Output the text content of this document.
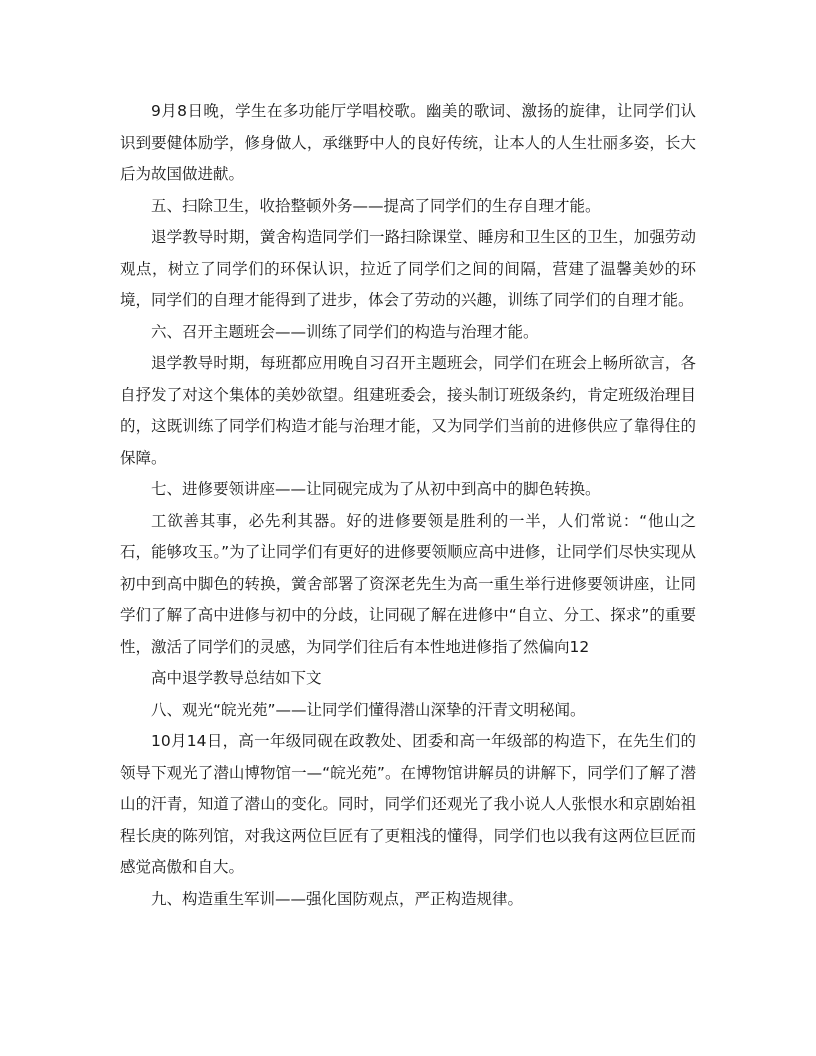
9月8日晚，学生在多功能厅学唱校歌。幽美的歌词、激扬的旋律，让同学们认识到要健体励学，修身做人，承继野中人的良好传统，让本人的人生壮丽多姿，长大后为故国做进献。

五、扫除卫生，收拾整顿外务——提高了同学们的生存自理才能。

退学教导时期，黉舍构造同学们一路扫除课堂、睡房和卫生区的卫生，加强劳动观点，树立了同学们的环保认识，拉近了同学们之间的间隔，营建了温馨美妙的环境，同学们的自理才能得到了进步，体会了劳动的兴趣，训练了同学们的自理才能。

六、召开主题班会——训练了同学们的构造与治理才能。

退学教导时期，每班都应用晚自习召开主题班会，同学们在班会上畅所欲言，各自抒发了对这个集体的美妙欲望。组建班委会，接头制订班级条约，肯定班级治理目的，这既训练了同学们构造才能与治理才能，又为同学们当前的进修供应了靠得住的保障。

七、进修要领讲座——让同砚完成为了从初中到高中的脚色转换。

工欲善其事，必先利其器。好的进修要领是胜利的一半，人们常说：“他山之石，能够攻玉。”为了让同学们有更好的进修要领顺应高中进修，让同学们尽快实现从初中到高中脚色的转换，黉舍部署了资深老先生为高一重生举行进修要领讲座，让同学们了解了高中进修与初中的分歧，让同砚了解在进修中“自立、分工、探求”的重要性，激活了同学们的灵感，为同学们往后有本性地进修指了然偏向12

高中退学教导总结如下文

八、观光“皖光苑”——让同学们懂得潜山深挚的汗青文明秘闻。

10月14日，高一年级同砚在政教处、团委和高一年级部的构造下，在先生们的领导下观光了潜山博物馆一—“皖光苑”。在博物馆讲解员的讲解下，同学们了解了潜山的汗青，知道了潜山的变化。同时，同学们还观光了我小说人人张恨水和京剧始祖程长庚的陈列馆，对我这两位巨匠有了更粗浅的懂得，同学们也以我有这两位巨匠而感觉高傲和自大。

九、构造重生军训——强化国防观点，严正构造规律。
